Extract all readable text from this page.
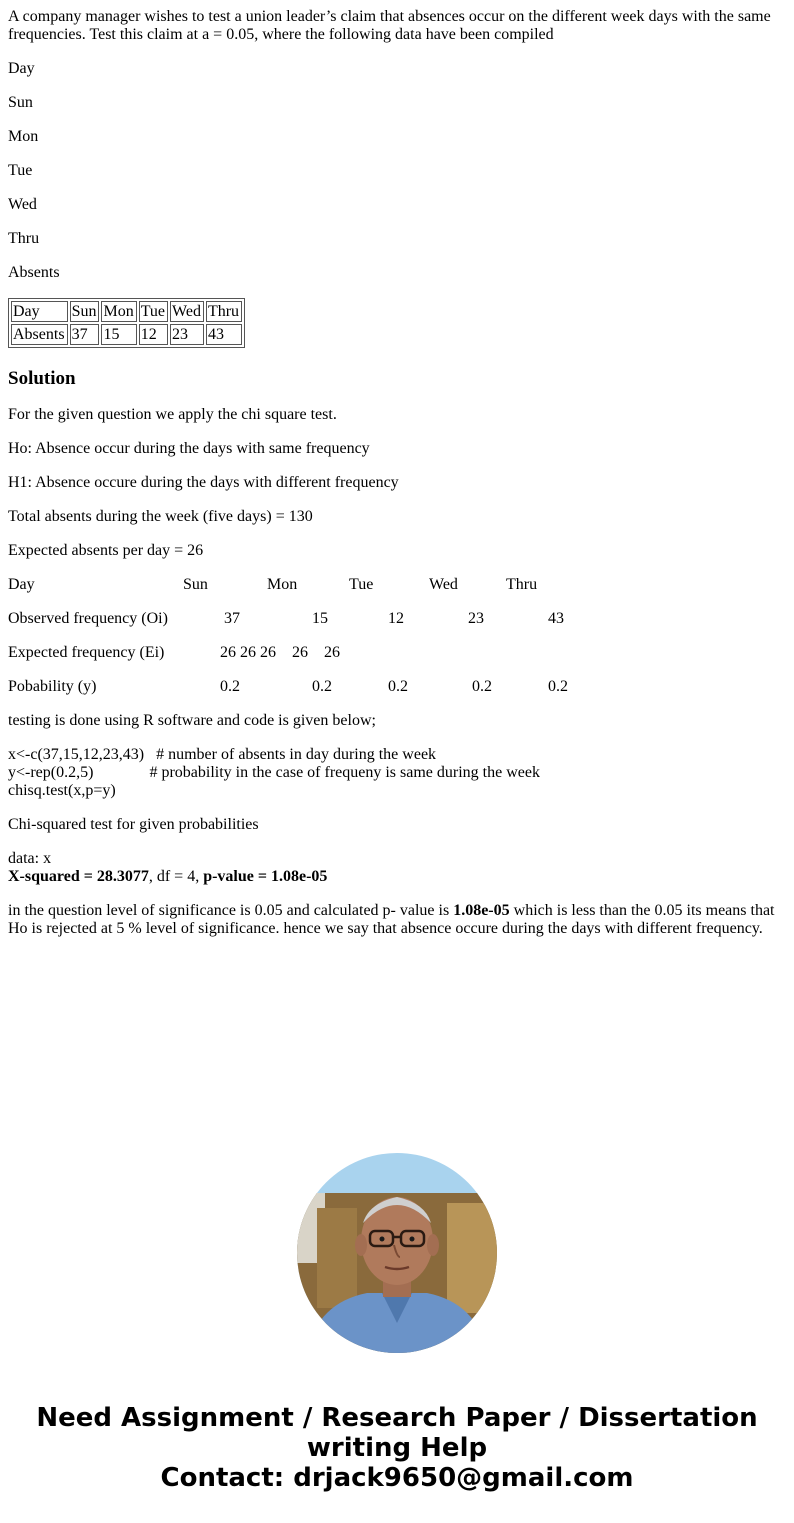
A company manager wishes to test a union leader’s claim that absences occur on the different week days with the same frequencies. Test this claim at a = 0.05, where the following data have been compiled

Day

Sun

Mon

Tue

Wed

Thru

Absents

Day	Sun	Mon	Tue	Wed	Thru
Absents	37	15	12	23	43
Solution

For the given question we apply the chi square test.

Ho: Absence occur during the days with same frequency

H1: Absence occure during the days with different frequency

Total absents during the week (five days) = 130

Expected absents per day = 26

Day	Sun	Mon	Tue	Wed	Thru
Observed frequency (Oi)	37	15	12	23	43
Expected frequency (Ei)	26 26 26 26 26
Pobability (y)	0.2	0.2	0.2	0.2	0.2

testing is done using R software and code is given below;

x<-c(37,15,12,23,43)   # number of absents in day during the week

y<-rep(0.2,5)              # probability in the case of frequeny is same during the week

chisq.test(x,p=y)

Chi-squared test for given probabilities

data: x
X-squared = 28.3077, df = 4, p-value = 1.08e-05

in the question level of significance is 0.05 and calculated p- value is 1.08e-05 which is less than the 0.05 its means that Ho is rejected at 5 % level of significance. hence we say that absence occure during the days with different frequency.

Need Assignment / Research Paper / Dissertation
writing Help
Contact: drjack9650@gmail.com
